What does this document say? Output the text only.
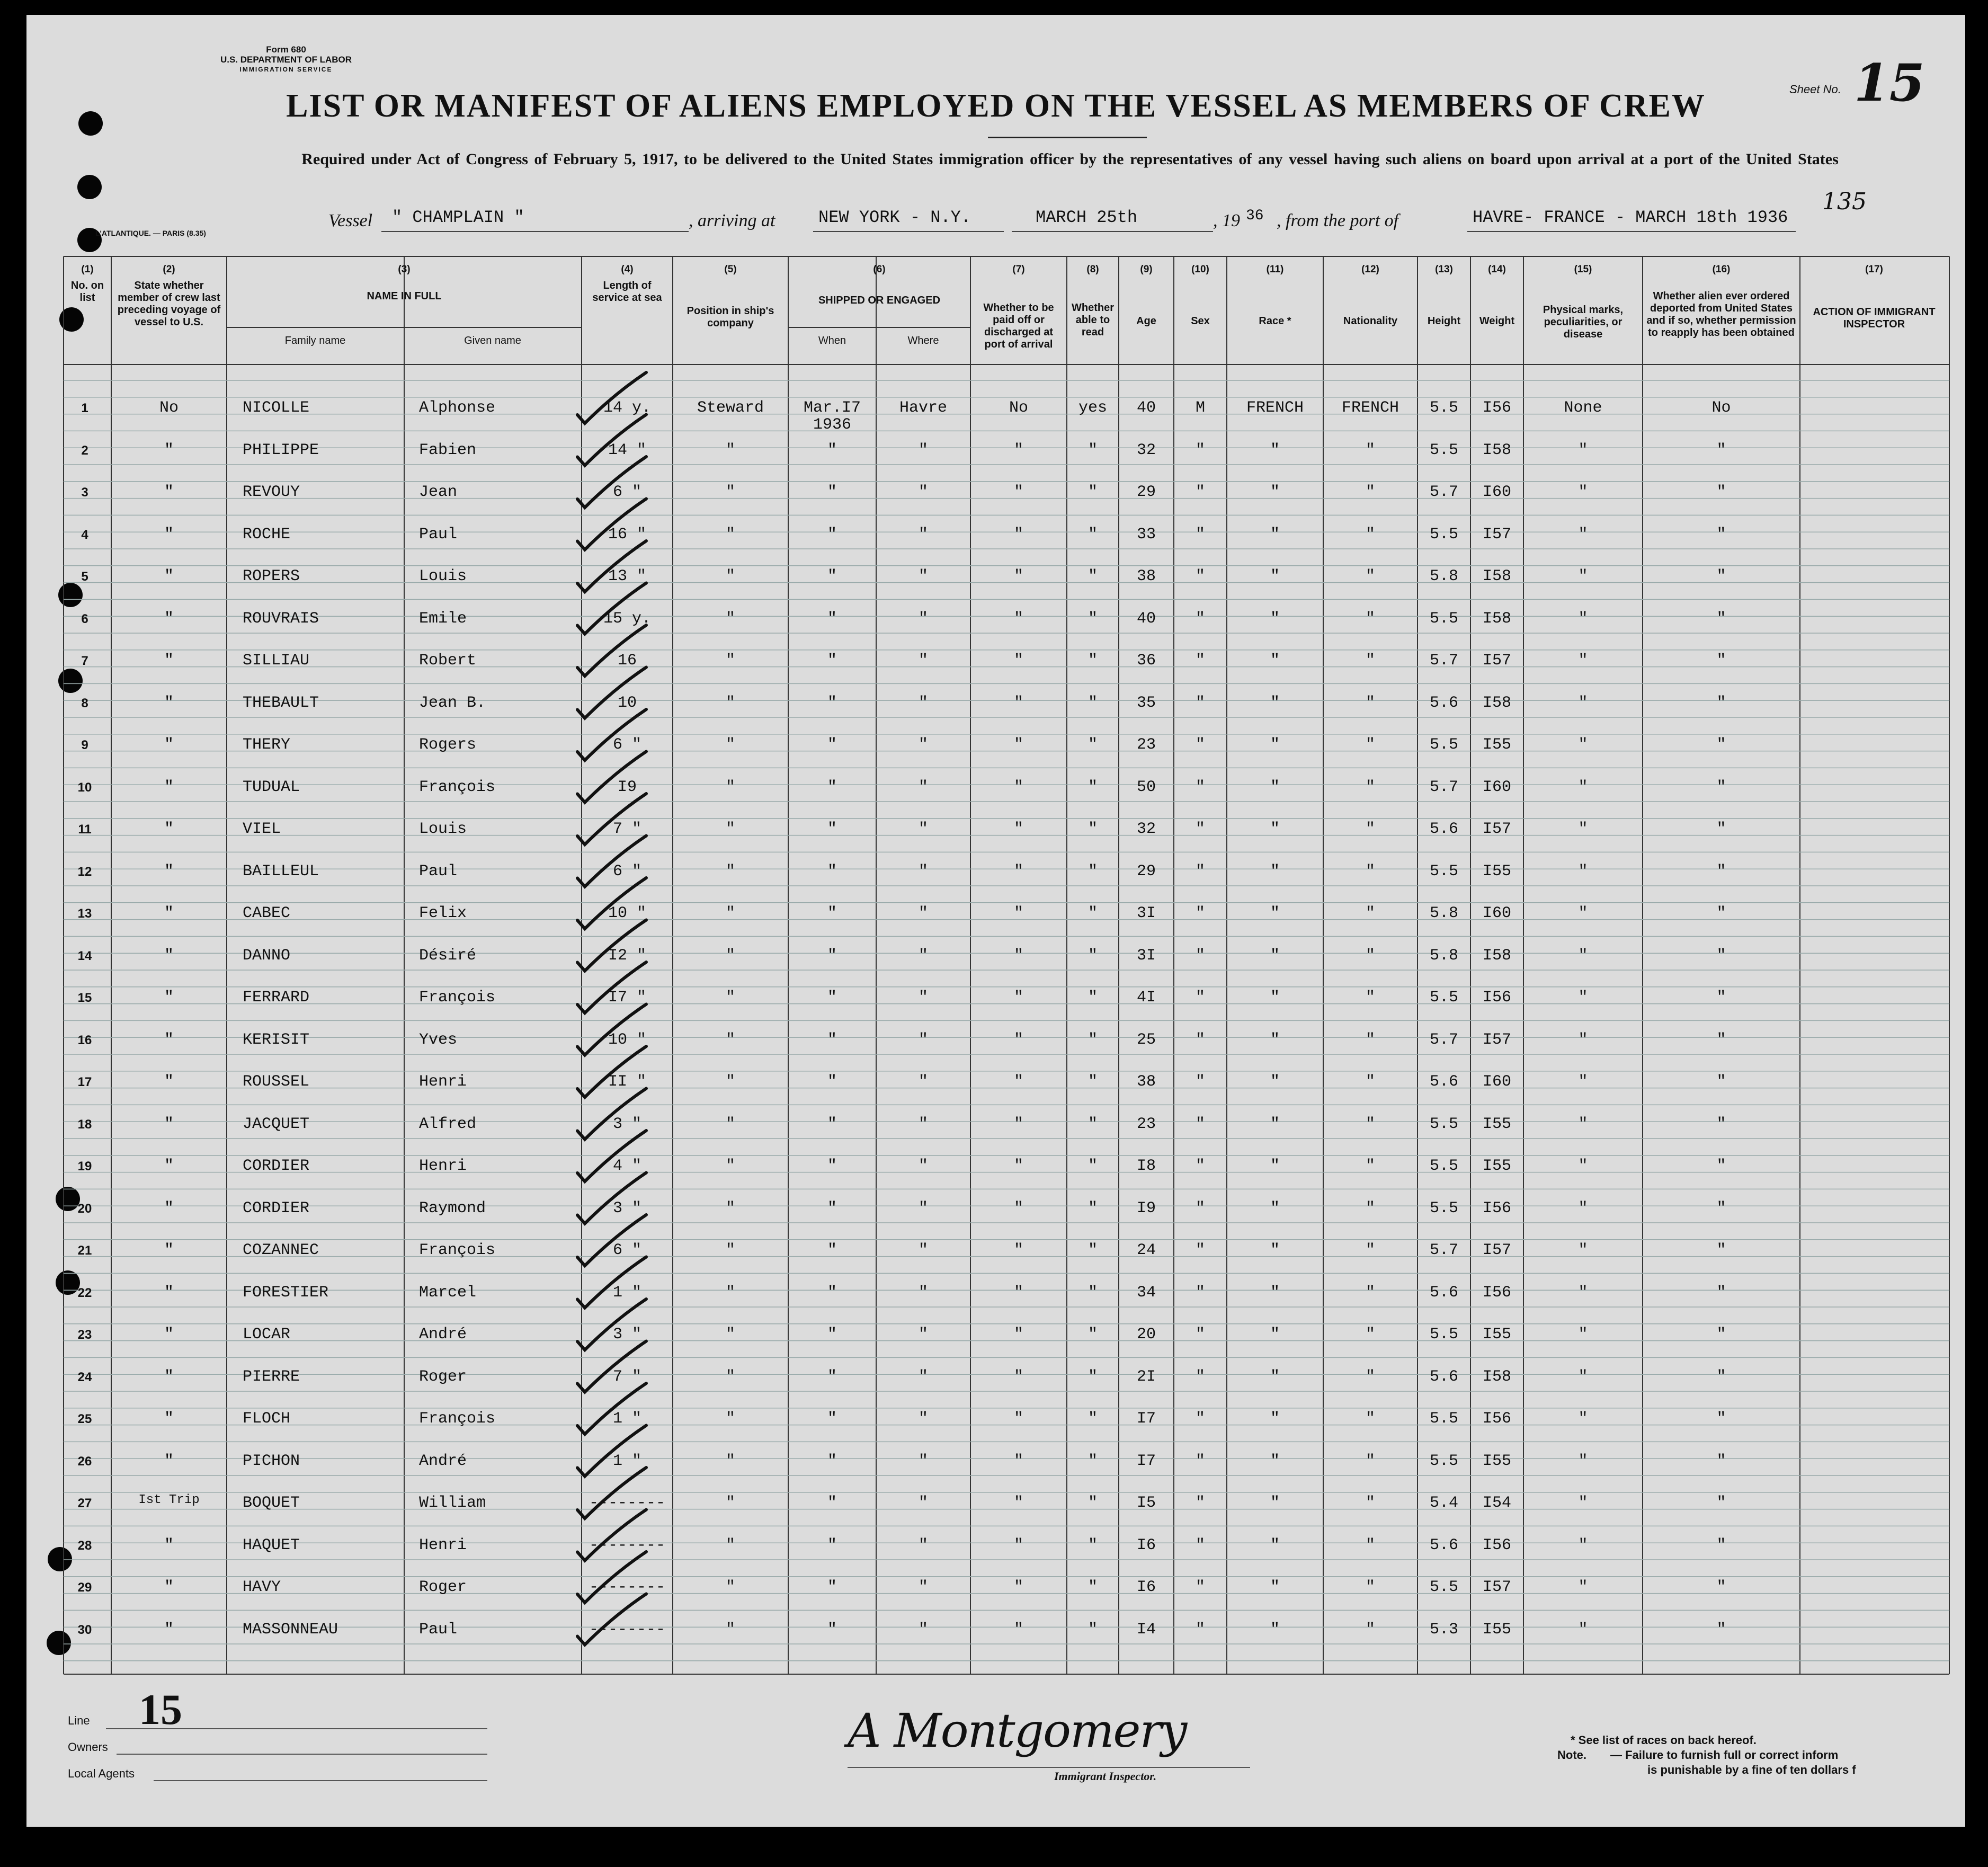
Form 680
U.S. DEPARTMENT OF LABOR
IMMIGRATION SERVICE
Sheet No. 15
LIST OR MANIFEST OF ALIENS EMPLOYED ON THE VESSEL AS MEMBERS OF CREW
Required under Act of Congress of February 5, 1917, to be delivered to the United States immigration officer by the representatives of any vessel having such aliens on board upon arrival at a port of the United States
L'ATLANTIQUE. — PARIS (8.35)
Vessel " CHAMPLAIN "	, arriving at	NEW YORK - N.Y.	MARCH 25th	, 19 36 , from the port of	HAVRE- FRANCE - MARCH 18th 1936
135
(1)
No. on list
(2)
State whether member of crew last preceding voyage of vessel to U.S.
(3)
NAME IN FULL
(4)
Length of service at sea
(5)
Position in ship's company
(6)
SHIPPED OR ENGAGED
(7)
Whether to be paid off or discharged at port of arrival
(8)
Whether able to read
(9)
Age
(10)
Sex
(11)
Race *
(12)
Nationality
(13)
Height
(14)
Weight
(15)
Physical marks, peculiarities, or disease
(16)
Whether alien ever ordered deported from United States and if so, whether permission to reapply has been obtained
(17)
ACTION OF IMMIGRANT INSPECTOR
Family name	Given name	When	Where
1	No	NICOLLE	Alphonse	14 y.	Steward	Mar.I7	Havre	No	yes	40	M	FRENCH	FRENCH	5.5	I56	None	No
2	"	PHILIPPE	Fabien	14 "	"	"	"	"	"	32	"	"	"	5.5	I58	"	"
3	"	REVOUY	Jean	6 "	"	"	"	"	"	29	"	"	"	5.7	I60	"	"
4	"	ROCHE	Paul	16 "	"	"	"	"	"	33	"	"	"	5.5	I57	"	"
5	"	ROPERS	Louis	13 "	"	"	"	"	"	38	"	"	"	5.8	I58	"	"
6	"	ROUVRAIS	Emile	15 y.	"	"	"	"	"	40	"	"	"	5.5	I58	"	"
7	"	SILLIAU	Robert	16	"	"	"	"	"	36	"	"	"	5.7	I57	"	"
8	"	THEBAULT	Jean B.	10	"	"	"	"	"	35	"	"	"	5.6	I58	"	"
9	"	THERY	Rogers	6 "	"	"	"	"	"	23	"	"	"	5.5	I55	"	"
10	"	TUDUAL	François	I9	"	"	"	"	"	50	"	"	"	5.7	I60	"	"
11	"	VIEL	Louis	7 "	"	"	"	"	"	32	"	"	"	5.6	I57	"	"
12	"	BAILLEUL	Paul	6 "	"	"	"	"	"	29	"	"	"	5.5	I55	"	"
13	"	CABEC	Felix	10 "	"	"	"	"	"	3I	"	"	"	5.8	I60	"	"
14	"	DANNO	Désiré	I2 "	"	"	"	"	"	3I	"	"	"	5.8	I58	"	"
15	"	FERRARD	François	I7 "	"	"	"	"	"	4I	"	"	"	5.5	I56	"	"
16	"	KERISIT	Yves	10 "	"	"	"	"	"	25	"	"	"	5.7	I57	"	"
17	"	ROUSSEL	Henri	II "	"	"	"	"	"	38	"	"	"	5.6	I60	"	"
18	"	JACQUET	Alfred	3 "	"	"	"	"	"	23	"	"	"	5.5	I55	"	"
19	"	CORDIER	Henri	4 "	"	"	"	"	"	I8	"	"	"	5.5	I55	"	"
20	"	CORDIER	Raymond	3 "	"	"	"	"	"	I9	"	"	"	5.5	I56	"	"
21	"	COZANNEC	François	6 "	"	"	"	"	"	24	"	"	"	5.7	I57	"	"
22	"	FORESTIER	Marcel	1 "	"	"	"	"	"	34	"	"	"	5.6	I56	"	"
23	"	LOCAR	André	3 "	"	"	"	"	"	20	"	"	"	5.5	I55	"	"
24	"	PIERRE	Roger	7 "	"	"	"	"	"	2I	"	"	"	5.6	I58	"	"
25	"	FLOCH	François	1 "	"	"	"	"	"	I7	"	"	"	5.5	I56	"	"
26	"	PICHON	André	1 "	"	"	"	"	"	I7	"	"	"	5.5	I55	"	"
27	Ist Trip	BOQUET	William	--------	"	"	"	"	"	I5	"	"	"	5.4	I54	"	"
28	"	HAQUET	Henri	--------	"	"	"	"	"	I6	"	"	"	5.6	I56	"	"
29	"	HAVY	Roger	--------	"	"	"	"	"	I6	"	"	"	5.5	I57	"	"
30	"	MASSONNEAU	Paul	--------	"	"	"	"	"	I4	"	"	"	5.3	I55	"	"
1936
Line 15
Owners
Local Agents
A Montgomery
Immigrant Inspector.
* See list of races on back hereof.
Note. — Failure to furnish full or correct inform
is punishable by a fine of ten dollars f
